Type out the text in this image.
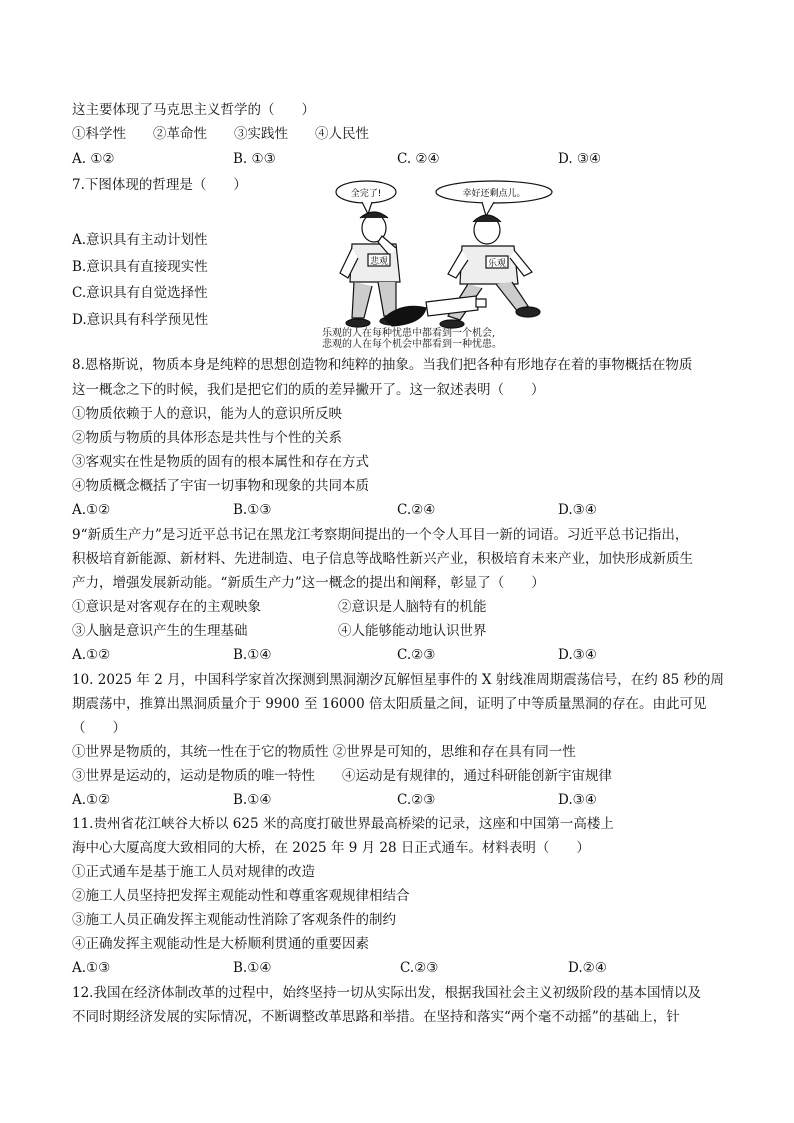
这主要体现了马克思主义哲学的（　　）
①科学性　　②革命性　　③实践性　　④人民性
A. ①②	B. ①③	C. ②④	D. ③④
7.下图体现的哲理是（　　）
A.意识具有主动计划性
B.意识具有直接现实性
C.意识具有自觉选择性
D.意识具有科学预见性
全完了!	幸好还剩点儿。
悲观	乐观
乐观的人在每种忧患中都看到一个机会,
悲观的人在每个机会中都看到一种忧患。
8.恩格斯说，物质本身是纯粹的思想创造物和纯粹的抽象。当我们把各种有形地存在着的事物概括在物质
这一概念之下的时候，我们是把它们的质的差异撇开了。这一叙述表明（　　）
①物质依赖于人的意识，能为人的意识所反映
②物质与物质的具体形态是共性与个性的关系
③客观实在性是物质的固有的根本属性和存在方式
④物质概念概括了宇宙一切事物和现象的共同本质
A.①②	B.①③	C.②④	D.③④
9“新质生产力”是习近平总书记在黑龙江考察期间提出的一个令人耳目一新的词语。习近平总书记指出，
积极培育新能源、新材料、先进制造、电子信息等战略性新兴产业，积极培育未来产业，加快形成新质生
产力，增强发展新动能。“新质生产力”这一概念的提出和阐释，彰显了（　　）
①意识是对客观存在的主观映象	②意识是人脑特有的机能
③人脑是意识产生的生理基础	④人能够能动地认识世界
A.①②	B.①④	C.②③	D.③④
10. 2025 年 2 月，中国科学家首次探测到黑洞潮汐瓦解恒星事件的 X 射线准周期震荡信号，在约 85 秒的周
期震荡中，推算出黑洞质量介于 9900 至 16000 倍太阳质量之间，证明了中等质量黑洞的存在。由此可见
（　　）
①世界是物质的，其统一性在于它的物质性 ②世界是可知的，思维和存在具有同一性
③世界是运动的，运动是物质的唯一特性　　④运动是有规律的，通过科研能创新宇宙规律
A.①②	B.①④	C.②③	D.③④
11.贵州省花江峡谷大桥以 625 米的高度打破世界最高桥梁的记录，这座和中国第一高楼上
海中心大厦高度大致相同的大桥，在 2025 年 9 月 28 日正式通车。材料表明（　　）
①正式通车是基于施工人员对规律的改造
②施工人员坚持把发挥主观能动性和尊重客观规律相结合
③施工人员正确发挥主观能动性消除了客观条件的制约
④正确发挥主观能动性是大桥顺利贯通的重要因素
A.①③	B.①④	C.②③	D.②④
12.我国在经济体制改革的过程中，始终坚持一切从实际出发，根据我国社会主义初级阶段的基本国情以及
不同时期经济发展的实际情况，不断调整改革思路和举措。在坚持和落实“两个毫不动摇”的基础上，针
